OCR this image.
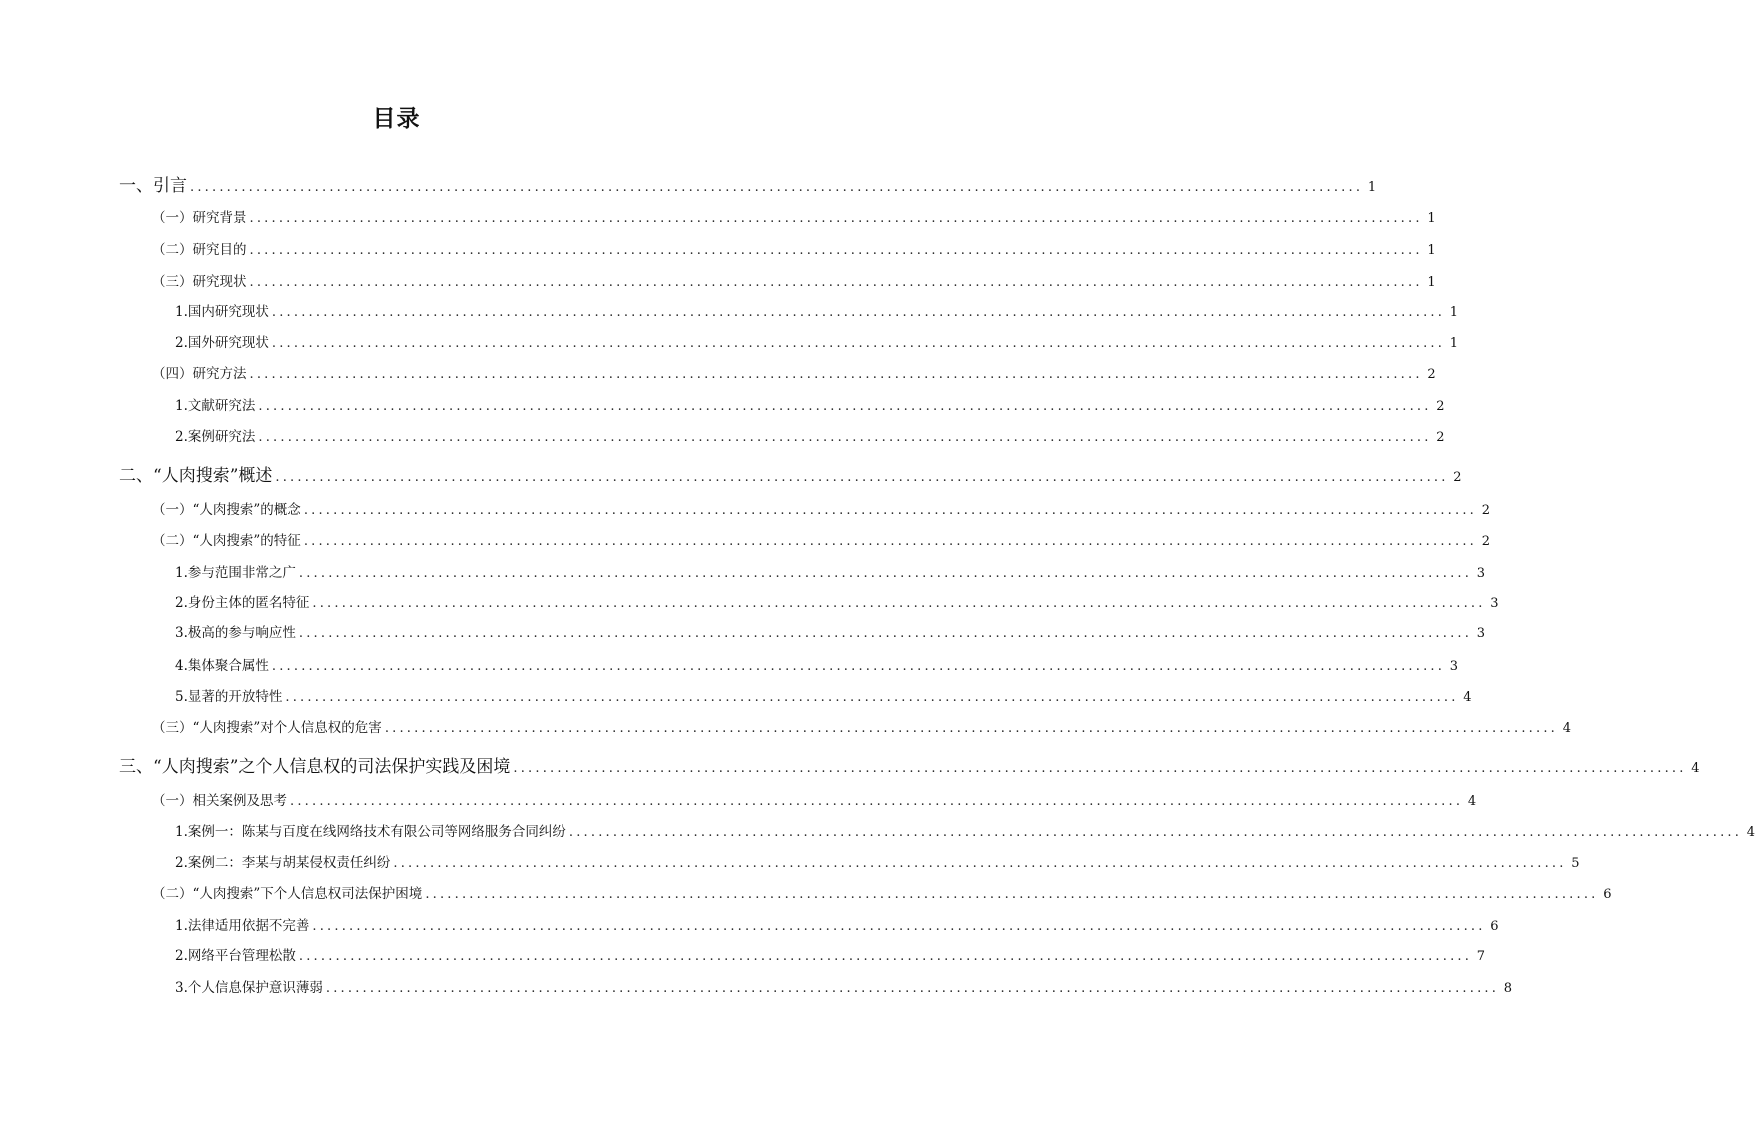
目录
一、引言 ................................................................................................................................................................ 1
（一）研究背景 ................................................................................................................................................................ 1
（二）研究目的 ................................................................................................................................................................ 1
（三）研究现状 ................................................................................................................................................................ 1
1.国内研究现状 ................................................................................................................................................................ 1
2.国外研究现状 ................................................................................................................................................................ 1
（四）研究方法 ................................................................................................................................................................ 2
1.文献研究法 ................................................................................................................................................................ 2
2.案例研究法 ................................................................................................................................................................ 2
二、“人肉搜索”概述 ................................................................................................................................................................ 2
（一）“人肉搜索”的概念 ................................................................................................................................................................ 2
（二）“人肉搜索”的特征 ................................................................................................................................................................ 2
1.参与范围非常之广 ................................................................................................................................................................ 3
2.身份主体的匿名特征 ................................................................................................................................................................ 3
3.极高的参与响应性 ................................................................................................................................................................ 3
4.集体聚合属性 ................................................................................................................................................................ 3
5.显著的开放特性 ................................................................................................................................................................ 4
（三）“人肉搜索”对个人信息权的危害 ................................................................................................................................................................ 4
三、“人肉搜索”之个人信息权的司法保护实践及困境 ................................................................................................................................................................ 4
（一）相关案例及思考 ................................................................................................................................................................ 4
1.案例一：陈某与百度在线网络技术有限公司等网络服务合同纠纷 ................................................................................................................................................................ 4
2.案例二：李某与胡某侵权责任纠纷 ................................................................................................................................................................ 5
（二）“人肉搜索”下个人信息权司法保护困境 ................................................................................................................................................................ 6
1.法律适用依据不完善 ................................................................................................................................................................ 6
2.网络平台管理松散 ................................................................................................................................................................ 7
3.个人信息保护意识薄弱 ................................................................................................................................................................ 8
